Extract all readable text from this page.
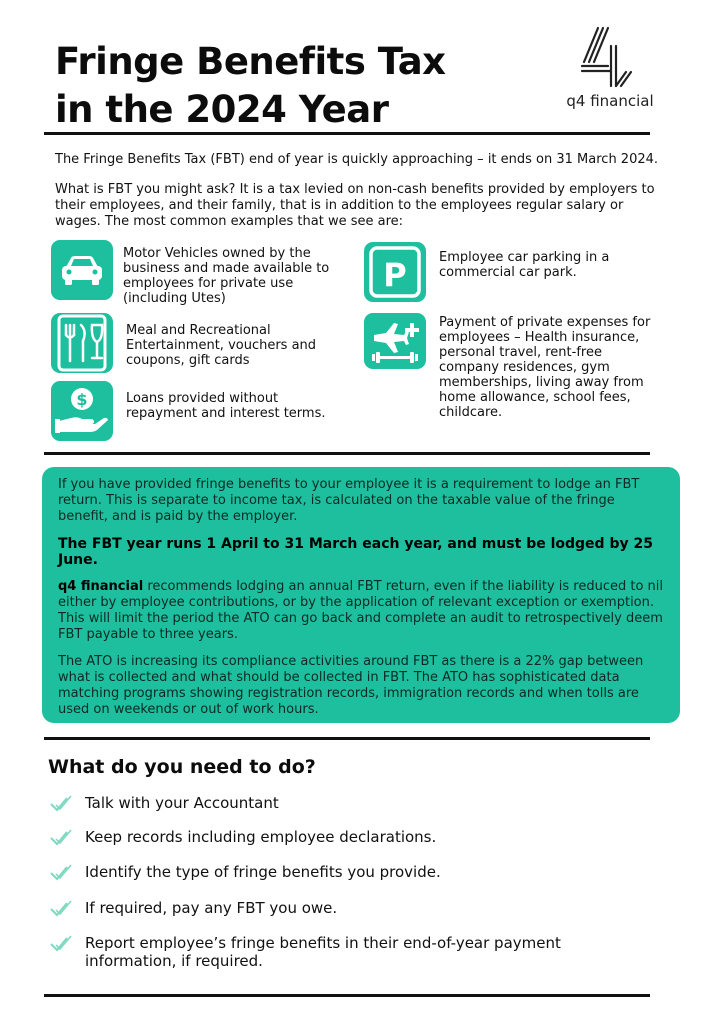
Fringe Benefits Tax
in the 2024 Year	q4 financial
The Fringe Benefits Tax (FBT) end of year is quickly approaching – it ends on 31 March 2024.
What is FBT you might ask? It is a tax levied on non-cash benefits provided by employers to their employees, and their family, that is in addition to the employees regular salary or wages. The most common examples that we see are:
Motor Vehicles owned by the business and made available to employees for private use (including Utes)
Meal and Recreational Entertainment, vouchers and coupons, gift cards
$	Loans provided without repayment and interest terms.
P Employee car parking in a commercial car park.
Payment of private expenses for employees – Health insurance, personal travel, rent-free company residences, gym memberships, living away from home allowance, school fees, childcare.

If you have provided fringe benefits to your employee it is a requirement to lodge an FBT return. This is separate to income tax, is calculated on the taxable value of the fringe benefit, and is paid by the employer.

The FBT year runs 1 April to 31 March each year, and must be lodged by 25 June.

q4 financial recommends lodging an annual FBT return, even if the liability is reduced to nil either by employee contributions, or by the application of relevant exception or exemption. This will limit the period the ATO can go back and complete an audit to retrospectively deem FBT payable to three years.

The ATO is increasing its compliance activities around FBT as there is a 22% gap between what is collected and what should be collected in FBT. The ATO has sophisticated data matching programs showing registration records, immigration records and when tolls are used on weekends or out of work hours.

What do you need to do?
Talk with your Accountant
Keep records including employee declarations.
Identify the type of fringe benefits you provide.
If required, pay any FBT you owe.
Report employee’s fringe benefits in their end-of-year payment information, if required.
